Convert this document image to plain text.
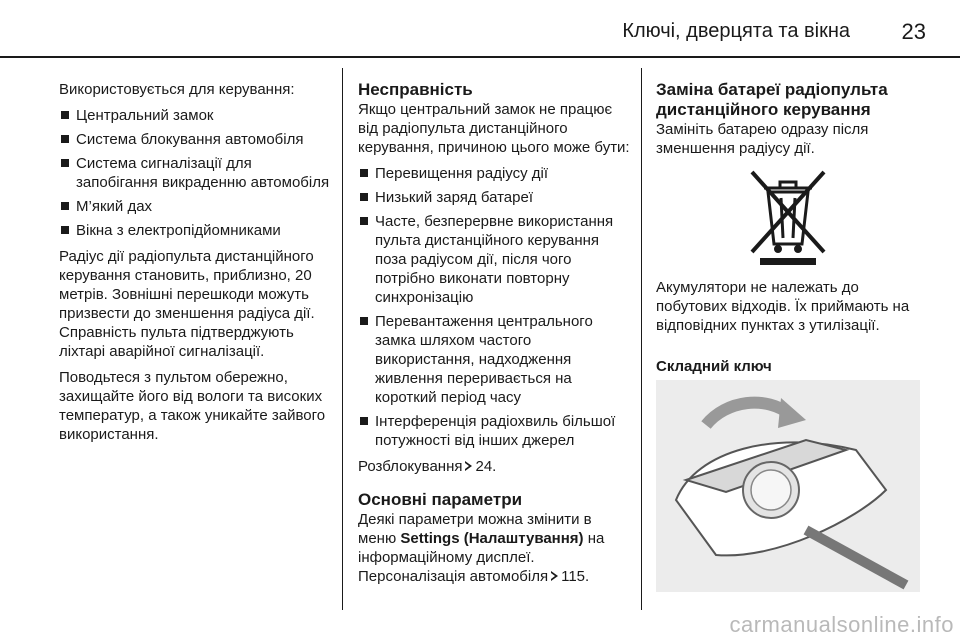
Ключі, дверцята та вікна 23

Використовується для керування:

Центральний замок
Система блокування автомобіля
Система сигналізації для запобігання викраденню автомобіля
М’який дах
Вікна з електропідйомниками

Радіус дії радіопульта дистанційного керування становить, приблизно, 20 метрів. Зовнішні перешкоди можуть призвести до зменшення радіуса дії. Справність пульта підтверджують ліхтарі аварійної сигналізації.

Поводьтеся з пультом обережно, захищайте його від вологи та високих температур, а також уникайте зайвого використання.

Несправність

Якщо центральний замок не працює від радіопульта дистанційного керування, причиною цього може бути:

Перевищення радіусу дії
Низький заряд батареї
Часте, безперервне використання пульта дистанційного керування поза радіусом дії, після чого потрібно виконати повторну синхронізацію
Перевантаження центрального замка шляхом частого використання, надходження живлення переривається на короткий період часу
Інтерференція радіохвиль більшої потужності від інших джерел

Розблокування 24.

Основні параметри

Деякі параметри можна змінити в меню Settings (Налаштування) на інформаційному дисплеї.

Персоналізація автомобіля 115.

Заміна батареї радіопульта дистанційного керування

Замініть батарею одразу після зменшення радіусу дії.

Акумулятори не належать до побутових відходів. Їх приймають на відповідних пунктах з утилізації.

Складний ключ

carmanualsonline.info
